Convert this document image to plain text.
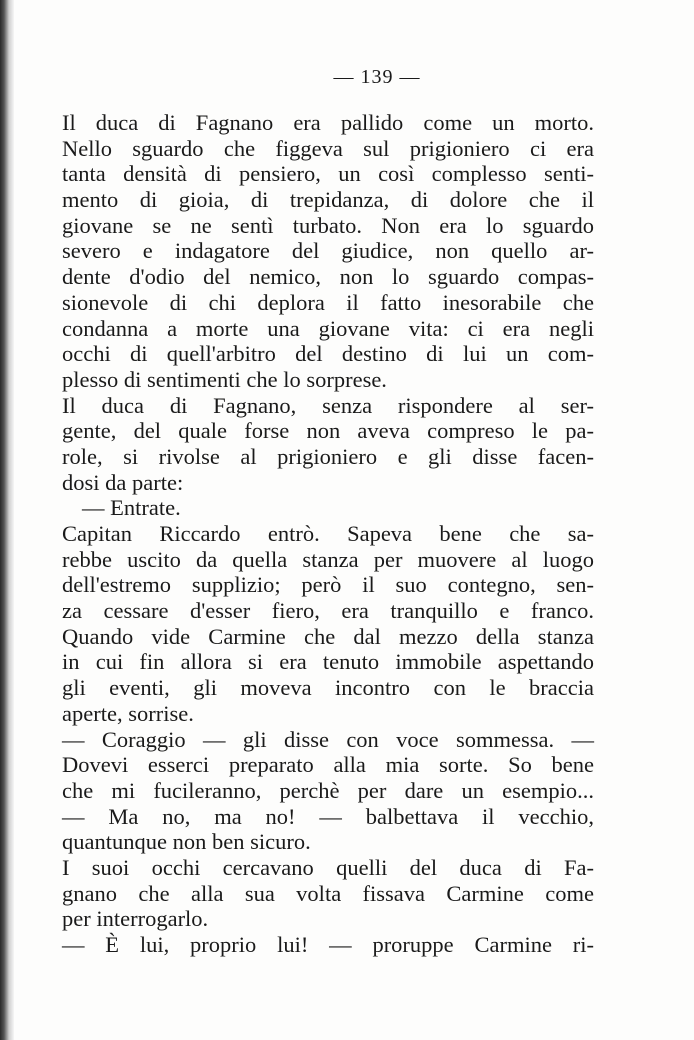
— 139 —
Il duca di Fagnano era pallido come un morto.
Nello sguardo che figgeva sul prigioniero ci era
tanta densità di pensiero, un così complesso senti-
mento di gioia, di trepidanza, di dolore che il
giovane se ne sentì turbato. Non era lo sguardo
severo e indagatore del giudice, non quello ar-
dente d'odio del nemico, non lo sguardo compas-
sionevole di chi deplora il fatto inesorabile che
condanna a morte una giovane vita: ci era negli
occhi di quell'arbitro del destino di lui un com-
plesso di sentimenti che lo sorprese.
Il duca di Fagnano, senza rispondere al ser-
gente, del quale forse non aveva compreso le pa-
role, si rivolse al prigioniero e gli disse facen-
dosi da parte:
— Entrate.
Capitan Riccardo entrò. Sapeva bene che sa-
rebbe uscito da quella stanza per muovere al luogo
dell'estremo supplizio; però il suo contegno, sen-
za cessare d'esser fiero, era tranquillo e franco.
Quando vide Carmine che dal mezzo della stanza
in cui fin allora si era tenuto immobile aspettando
gli eventi, gli moveva incontro con le braccia
aperte, sorrise.
— Coraggio — gli disse con voce sommessa. —
Dovevi esserci preparato alla mia sorte. So bene
che mi fucileranno, perchè per dare un esempio...
— Ma no, ma no! — balbettava il vecchio,
quantunque non ben sicuro.
I suoi occhi cercavano quelli del duca di Fa-
gnano che alla sua volta fissava Carmine come
per interrogarlo.
— È lui, proprio lui! — proruppe Carmine ri-
